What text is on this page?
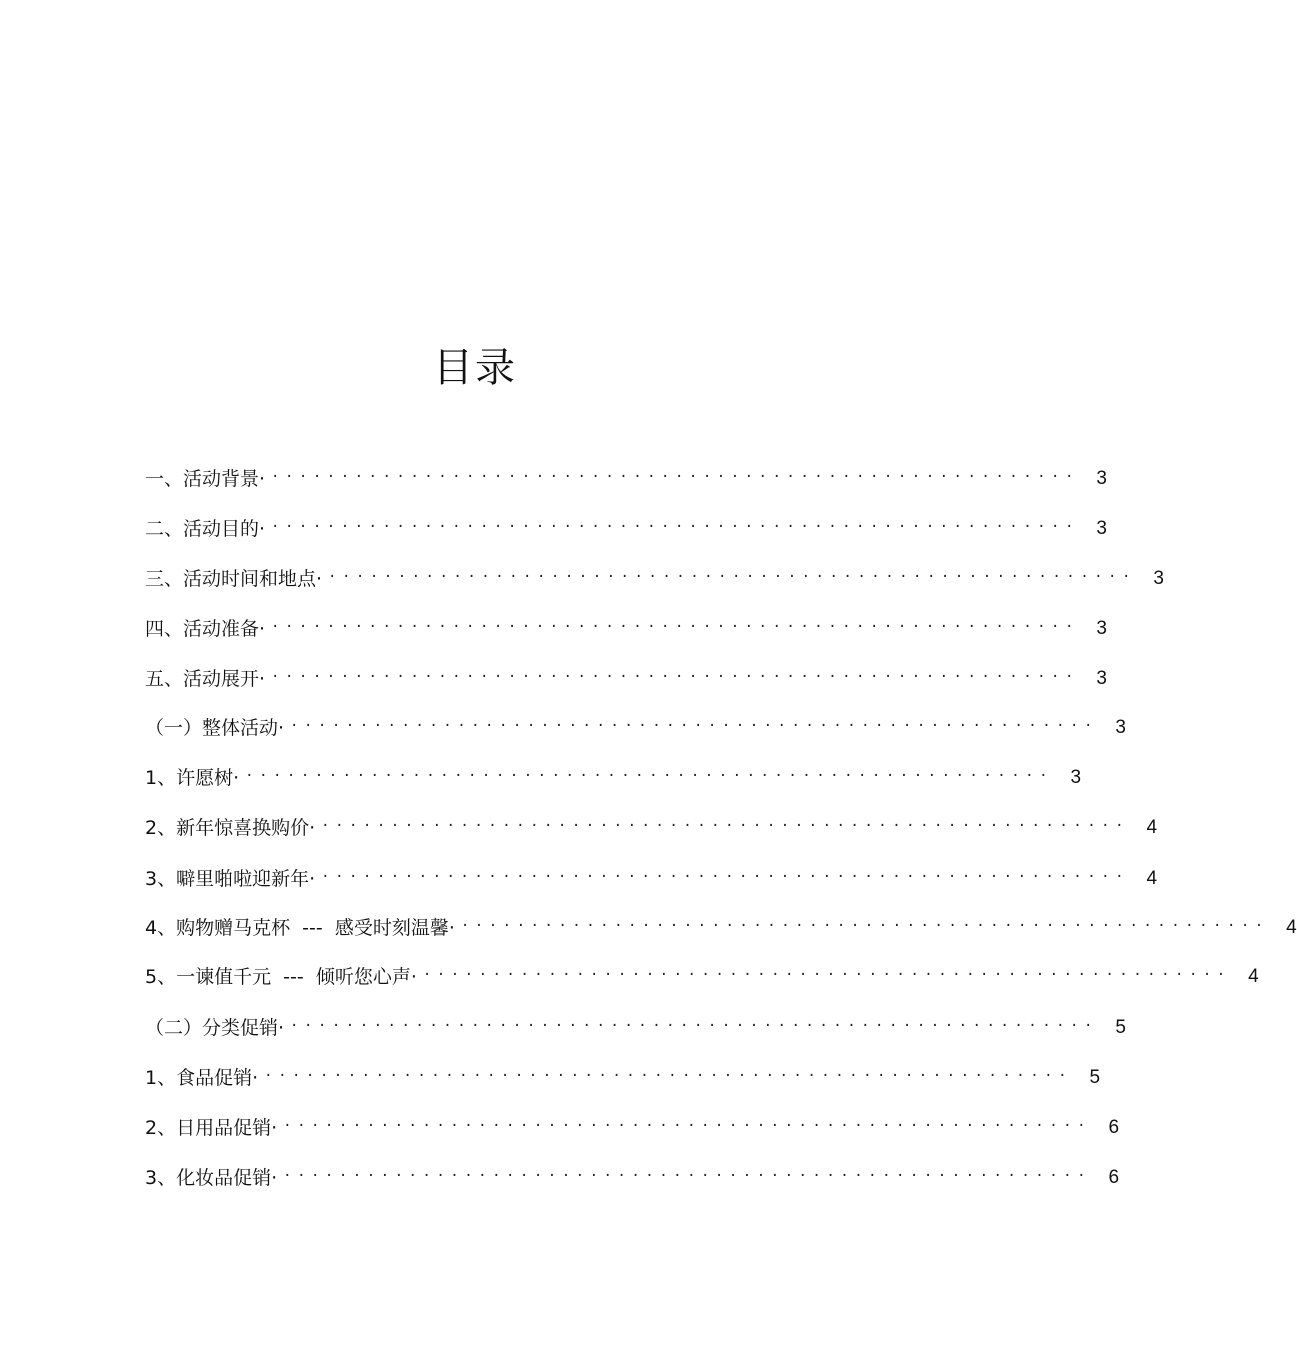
目录
一、活动背景· ·························································· 3
二、活动目的· ·························································· 3
三、活动时间和地点· ·························································· 3
四、活动准备· ·························································· 3
五、活动展开· ·························································· 3
（一）整体活动· ·························································· 3
1、许愿树· ·························································· 3
2、新年惊喜换购价· ·························································· 4
3、噼里啪啦迎新年· ·························································· 4
4、购物赠马克杯  ---  感受时刻温馨· ·························································· 4
5、一谏值千元  ---  倾听您心声· ·························································· 4
（二）分类促销· ·························································· 5
1、食品促销· ·························································· 5
2、日用品促销· ·························································· 6
3、化妆品促销· ·························································· 6
